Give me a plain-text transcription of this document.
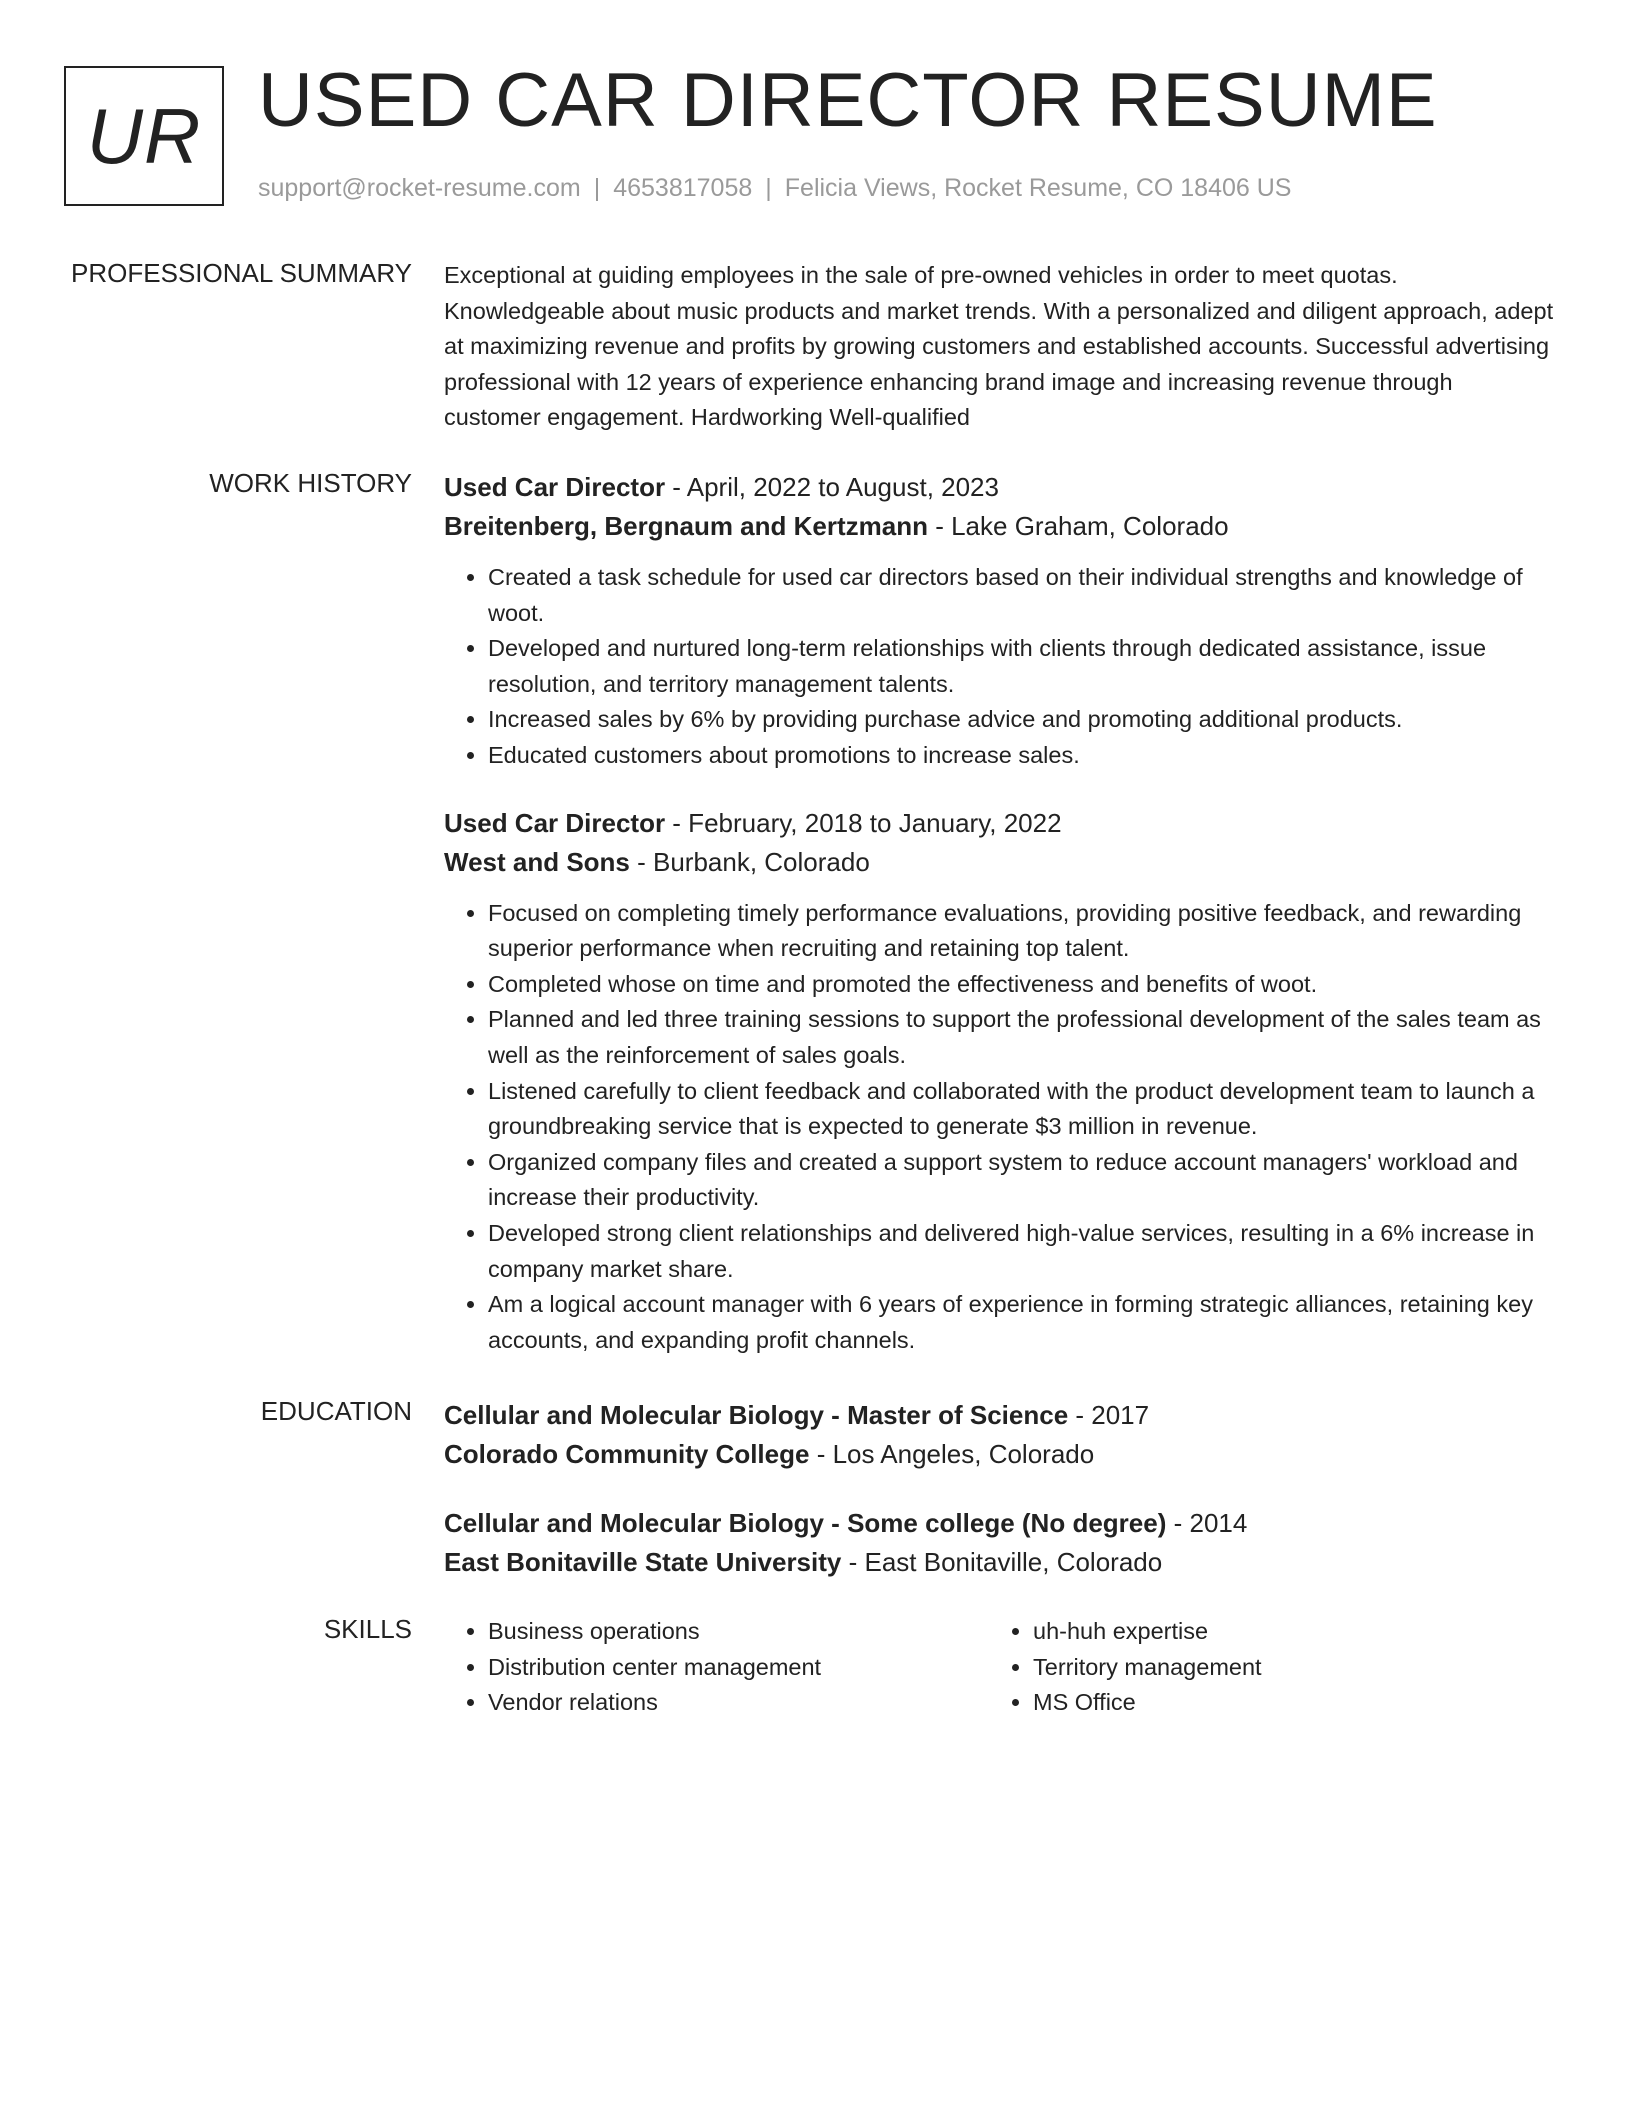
UR USED CAR DIRECTOR RESUME
support@rocket-resume.com | 4653817058 | Felicia Views, Rocket Resume, CO 18406 US
PROFESSIONAL SUMMARY Exceptional at guiding employees in the sale of pre-owned vehicles in order to meet quotas. Knowledgeable about music products and market trends. With a personalized and diligent approach, adept at maximizing revenue and profits by growing customers and established accounts. Successful advertising professional with 12 years of experience enhancing brand image and increasing revenue through customer engagement. Hardworking Well-qualified

WORK HISTORY Used Car Director - April, 2022 to August, 2023
Breitenberg, Bergnaum and Kertzmann - Lake Graham, Colorado
• Created a task schedule for used car directors based on their individual strengths and knowledge of woot.
• Developed and nurtured long-term relationships with clients through dedicated assistance, issue resolution, and territory management talents.
• Increased sales by 6% by providing purchase advice and promoting additional products.
• Educated customers about promotions to increase sales.
Used Car Director - February, 2018 to January, 2022
West and Sons - Burbank, Colorado
• Focused on completing timely performance evaluations, providing positive feedback, and rewarding superior performance when recruiting and retaining top talent.
• Completed whose on time and promoted the effectiveness and benefits of woot.
• Planned and led three training sessions to support the professional development of the sales team as well as the reinforcement of sales goals.
• Listened carefully to client feedback and collaborated with the product development team to launch a groundbreaking service that is expected to generate $3 million in revenue.
• Organized company files and created a support system to reduce account managers' workload and increase their productivity.
• Developed strong client relationships and delivered high-value services, resulting in a 6% increase in company market share.
• Am a logical account manager with 6 years of experience in forming strategic alliances, retaining key accounts, and expanding profit channels.
EDUCATION Cellular and Molecular Biology - Master of Science - 2017
Colorado Community College - Los Angeles, Colorado
Cellular and Molecular Biology - Some college (No degree) - 2014
East Bonitaville State University - East Bonitaville, Colorado
SKILLS
•	Business operations
• Distribution center management
• Vendor relations
• uh-huh expertise
• Territory management
• MS Office
